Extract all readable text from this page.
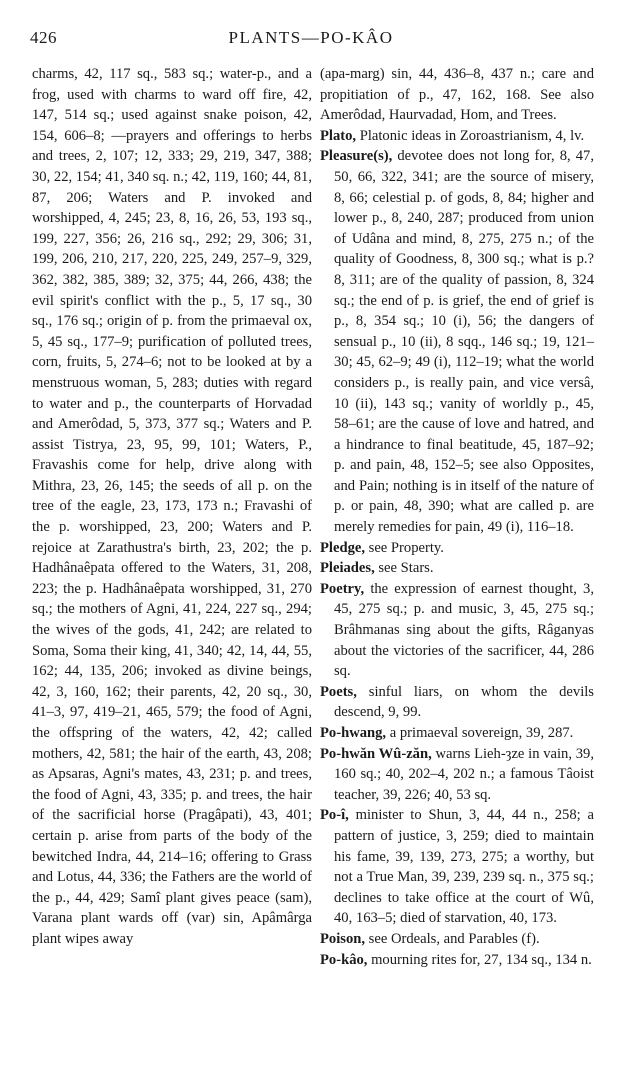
426	PLANTS—PO-KÂO

charms, 42, 117 sq., 583 sq.; water-p., and a frog, used with charms to ward off fire, 42, 147, 514 sq.; used against snake poison, 42, 154, 606–8; —prayers and offerings to herbs and trees, 2, 107; 12, 333; 29, 219, 347, 388; 30, 22, 154; 41, 340 sq. n.; 42, 119, 160; 44, 81, 87, 206; Waters and P. invoked and worshipped, 4, 245; 23, 8, 16, 26, 53, 193 sq., 199, 227, 356; 26, 216 sq., 292; 29, 306; 31, 199, 206, 210, 217, 220, 225, 249, 257–9, 329, 362, 382, 385, 389; 32, 375; 44, 266, 438; the evil spirit's conflict with the p., 5, 17 sq., 30 sq., 176 sq.; origin of p. from the primaeval ox, 5, 45 sq., 177–9; purification of polluted trees, corn, fruits, 5, 274–6; not to be looked at by a menstruous woman, 5, 283; duties with regard to water and p., the counterparts of Horvadad and Amerôdad, 5, 373, 377 sq.; Waters and P. assist Tistrya, 23, 95, 99, 101; Waters, P., Fravashis come for help, drive along with Mithra, 23, 26, 145; the seeds of all p. on the tree of the eagle, 23, 173, 173 n.; Fravashi of the p. worshipped, 23, 200; Waters and P. rejoice at Zarathustra's birth, 23, 202; the p. Hadhânaêpata offered to the Waters, 31, 208, 223; the p. Hadhânaêpata worshipped, 31, 270 sq.; the mothers of Agni, 41, 224, 227 sq., 294; the wives of the gods, 41, 242; are related to Soma, Soma their king, 41, 340; 42, 14, 44, 55, 162; 44, 135, 206; invoked as divine beings, 42, 3, 160, 162; their parents, 42, 20 sq., 30, 41–3, 97, 419–21, 465, 579; the food of Agni, the offspring of the waters, 42, 42; called mothers, 42, 581; the hair of the earth, 43, 208; as Apsaras, Agni's mates, 43, 231; p. and trees, the food of Agni, 43, 335; p. and trees, the hair of the sacrificial horse (Pragâpati), 43, 401; certain p. arise from parts of the body of the bewitched Indra, 44, 214–16; offering to Grass and Lotus, 44, 336; the Fathers are the world of the p., 44, 429; Samî plant gives peace (sam), Varana plant wards off (var) sin, Apâmârga plant wipes away

(apa-marg) sin, 44, 436–8, 437 n.; care and propitiation of p., 47, 162, 168. See also Amerôdad, Haurvadad, Hom, and Trees.

Plato, Platonic ideas in Zoroastrianism, 4, lv.

Pleasure(s), devotee does not long for, 8, 47, 50, 66, 322, 341; are the source of misery, 8, 66; celestial p. of gods, 8, 84; higher and lower p., 8, 240, 287; produced from union of Udâna and mind, 8, 275, 275 n.; of the quality of Goodness, 8, 300 sq.; what is p.? 8, 311; are of the quality of passion, 8, 324 sq.; the end of p. is grief, the end of grief is p., 8, 354 sq.; 10 (i), 56; the dangers of sensual p., 10 (ii), 8 sqq., 146 sq.; 19, 121–30; 45, 62–9; 49 (i), 112–19; what the world considers p., is really pain, and vice versâ, 10 (ii), 143 sq.; vanity of worldly p., 45, 58–61; are the cause of love and hatred, and a hindrance to final beatitude, 45, 187–92; p. and pain, 48, 152–5; see also Opposites, and Pain; nothing is in itself of the nature of p. or pain, 48, 390; what are called p. are merely remedies for pain, 49 (i), 116–18.

Pledge, see Property.

Pleiades, see Stars.

Poetry, the expression of earnest thought, 3, 45, 275 sq.; p. and music, 3, 45, 275 sq.; Brâhmanas sing about the gifts, Râganyas about the victories of the sacrificer, 44, 286 sq.

Poets, sinful liars, on whom the devils descend, 9, 99.

Po-hwang, a primaeval sovereign, 39, 287.

Po-hwăn Wû-zăn, warns Lieh-ȝze in vain, 39, 160 sq.; 40, 202–4, 202 n.; a famous Tâoist teacher, 39, 226; 40, 53 sq.

Po-î, minister to Shun, 3, 44, 44 n., 258; a pattern of justice, 3, 259; died to maintain his fame, 39, 139, 273, 275; a worthy, but not a True Man, 39, 239, 239 sq. n., 375 sq.; declines to take office at the court of Wû, 40, 163–5; died of starvation, 40, 173.

Poison, see Ordeals, and Parables (f).

Po-kâo, mourning rites for, 27, 134 sq., 134 n.
